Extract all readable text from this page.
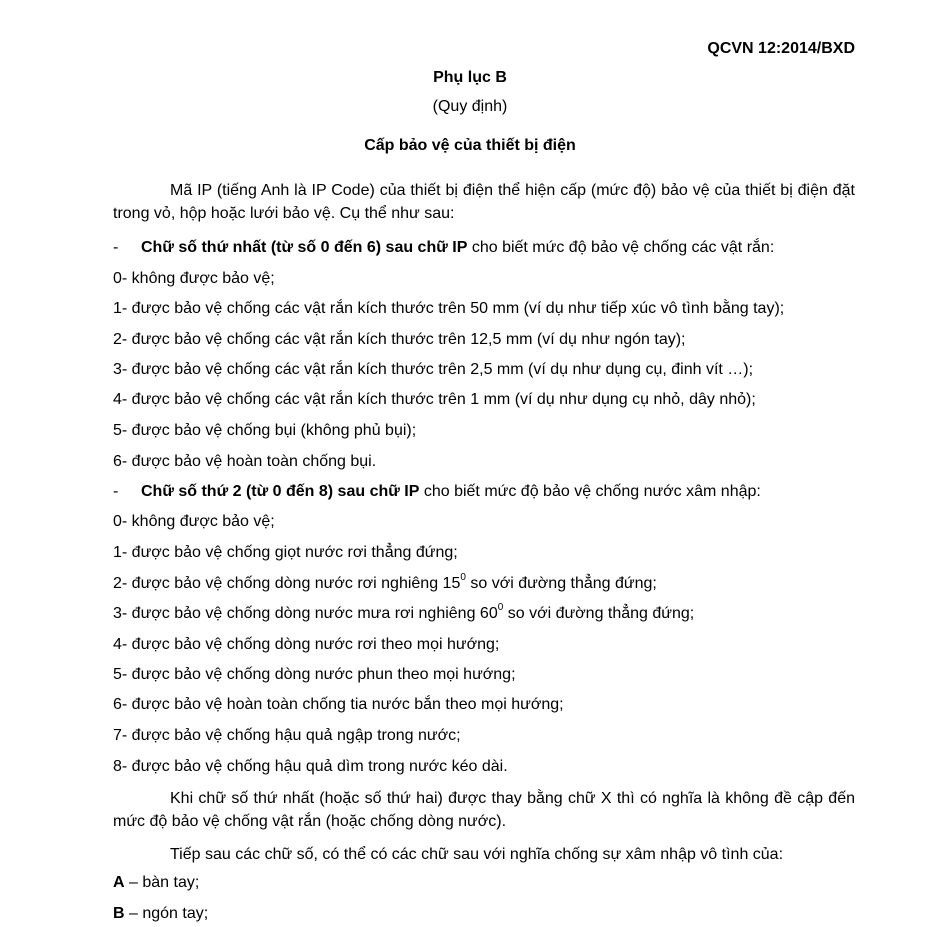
QCVN 12:2014/BXD
Phụ lục B
(Quy định)
Cấp bảo vệ của thiết bị điện
Mã IP (tiếng Anh là IP Code) của thiết bị điện thể hiện cấp (mức độ) bảo vệ của thiết bị điện đặt trong vỏ, hộp hoặc lưới bảo vệ. Cụ thể như sau:
- Chữ số thứ nhất (từ số 0 đến 6) sau chữ IP cho biết mức độ bảo vệ chống các vật rắn:
0- không được bảo vệ;
1- được bảo vệ chống các vật rắn kích thước trên 50 mm (ví dụ như tiếp xúc vô tình bằng tay);
2- được bảo vệ chống các vật rắn kích thước trên 12,5 mm (ví dụ như ngón tay);
3- được bảo vệ chống các vật rắn kích thước trên 2,5 mm (ví dụ như dụng cụ, đinh vít …);
4- được bảo vệ chống các vật rắn kích thước trên 1 mm (ví dụ như dụng cụ nhỏ, dây nhỏ);
5- được bảo vệ chống bụi (không phủ bụi);
6- được bảo vệ hoàn toàn chống bụi.
- Chữ số thứ 2 (từ 0 đến 8) sau chữ IP cho biết mức độ bảo vệ chống nước xâm nhập:
0- không được bảo vệ;
1- được bảo vệ chống giọt nước rơi thẳng đứng;
2- được bảo vệ chống dòng nước rơi nghiêng $15^0$ so với đường thẳng đứng;
3- được bảo vệ chống dòng nước mưa rơi nghiêng $60^0$ so với đường thẳng đứng;
4- được bảo vệ chống dòng nước rơi theo mọi hướng;
5- được bảo vệ chống dòng nước phun theo mọi hướng;
6- được bảo vệ hoàn toàn chống tia nước bắn theo mọi hướng;
7- được bảo vệ chống hậu quả ngập trong nước;
8- được bảo vệ chống hậu quả dìm trong nước kéo dài.
Khi chữ số thứ nhất (hoặc số thứ hai) được thay bằng chữ X thì có nghĩa là không đề cập đến mức độ bảo vệ chống vật rắn (hoặc chống dòng nước).
Tiếp sau các chữ số, có thể có các chữ sau với nghĩa chống sự xâm nhập vô tình của:
A – bàn tay;
B – ngón tay;
